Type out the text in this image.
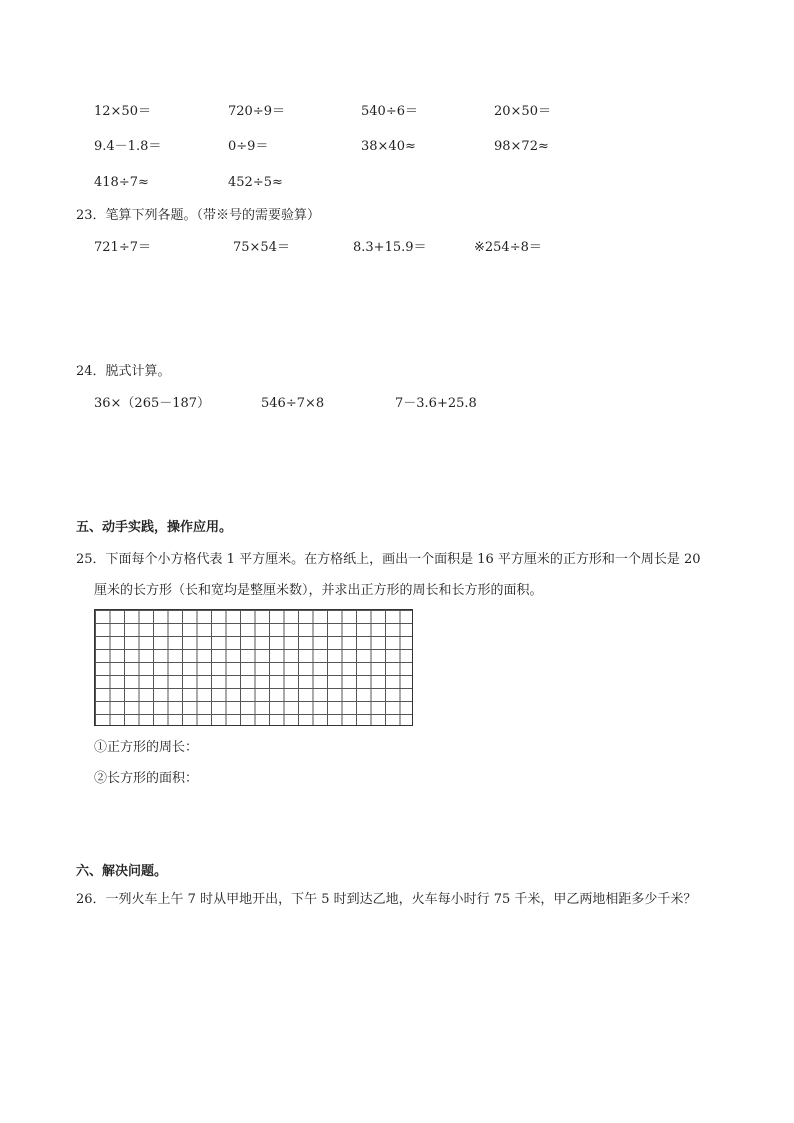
12×50＝	720÷9＝	540÷6＝	20×50＝
9.4－1.8＝	0÷9＝	38×40≈	98×72≈
418÷7≈	452÷5≈
23．笔算下列各题。（带※号的需要验算）
721÷7＝	75×54＝	8.3+15.9＝	※254÷8＝
24．脱式计算。
36×（265－187）	546÷7×8	7－3.6+25.8
五、动手实践，操作应用。
25．下面每个小方格代表 1 平方厘米。在方格纸上，画出一个面积是 16 平方厘米的正方形和一个周长是 20
厘米的长方形（长和宽均是整厘米数），并求出正方形的周长和长方形的面积。
①正方形的周长：
②长方形的面积：
六、解决问题。
26．一列火车上午 7 时从甲地开出，下午 5 时到达乙地，火车每小时行 75 千米，甲乙两地相距多少千米？
